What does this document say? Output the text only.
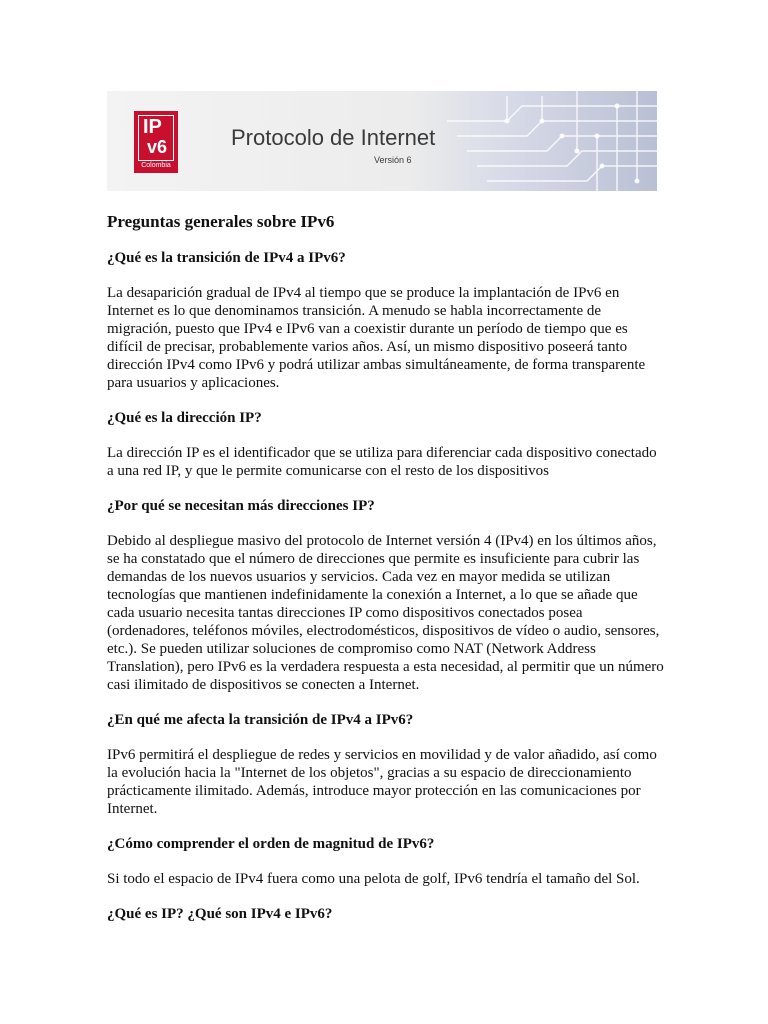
IP
v6
Colombia
Protocolo de Internet
Versión 6
Preguntas generales sobre IPv6
¿Qué es la transición de IPv4 a IPv6?

La desaparición gradual de IPv4 al tiempo que se produce la implantación de IPv6 en Internet es lo que denominamos transición. A menudo se habla incorrectamente de migración, puesto que IPv4 e IPv6 van a coexistir durante un período de tiempo que es difícil de precisar, probablemente varios años. Así, un mismo dispositivo poseerá tanto dirección IPv4 como IPv6 y podrá utilizar ambas simultáneamente, de forma transparente para usuarios y aplicaciones.

¿Qué es la dirección IP?

La dirección IP es el identificador que se utiliza para diferenciar cada dispositivo conectado a una red IP, y que le permite comunicarse con el resto de los dispositivos

¿Por qué se necesitan más direcciones IP?

Debido al despliegue masivo del protocolo de Internet versión 4 (IPv4) en los últimos años, se ha constatado que el número de direcciones que permite es insuficiente para cubrir las demandas de los nuevos usuarios y servicios. Cada vez en mayor medida se utilizan tecnologías que mantienen indefinidamente la conexión a Internet, a lo que se añade que cada usuario necesita tantas direcciones IP como dispositivos conectados posea (ordenadores, teléfonos móviles, electrodomésticos, dispositivos de vídeo o audio, sensores, etc.). Se pueden utilizar soluciones de compromiso como NAT (Network Address Translation), pero IPv6 es la verdadera respuesta a esta necesidad, al permitir que un número casi ilimitado de dispositivos se conecten a Internet.

¿En qué me afecta la transición de IPv4 a IPv6?

IPv6 permitirá el despliegue de redes y servicios en movilidad y de valor añadido, así como la evolución hacia la "Internet de los objetos", gracias a su espacio de direccionamiento prácticamente ilimitado. Además, introduce mayor protección en las comunicaciones por Internet.

¿Cómo comprender el orden de magnitud de IPv6?

Si todo el espacio de IPv4 fuera como una pelota de golf, IPv6 tendría el tamaño del Sol.

¿Qué es IP? ¿Qué son IPv4 e IPv6?
